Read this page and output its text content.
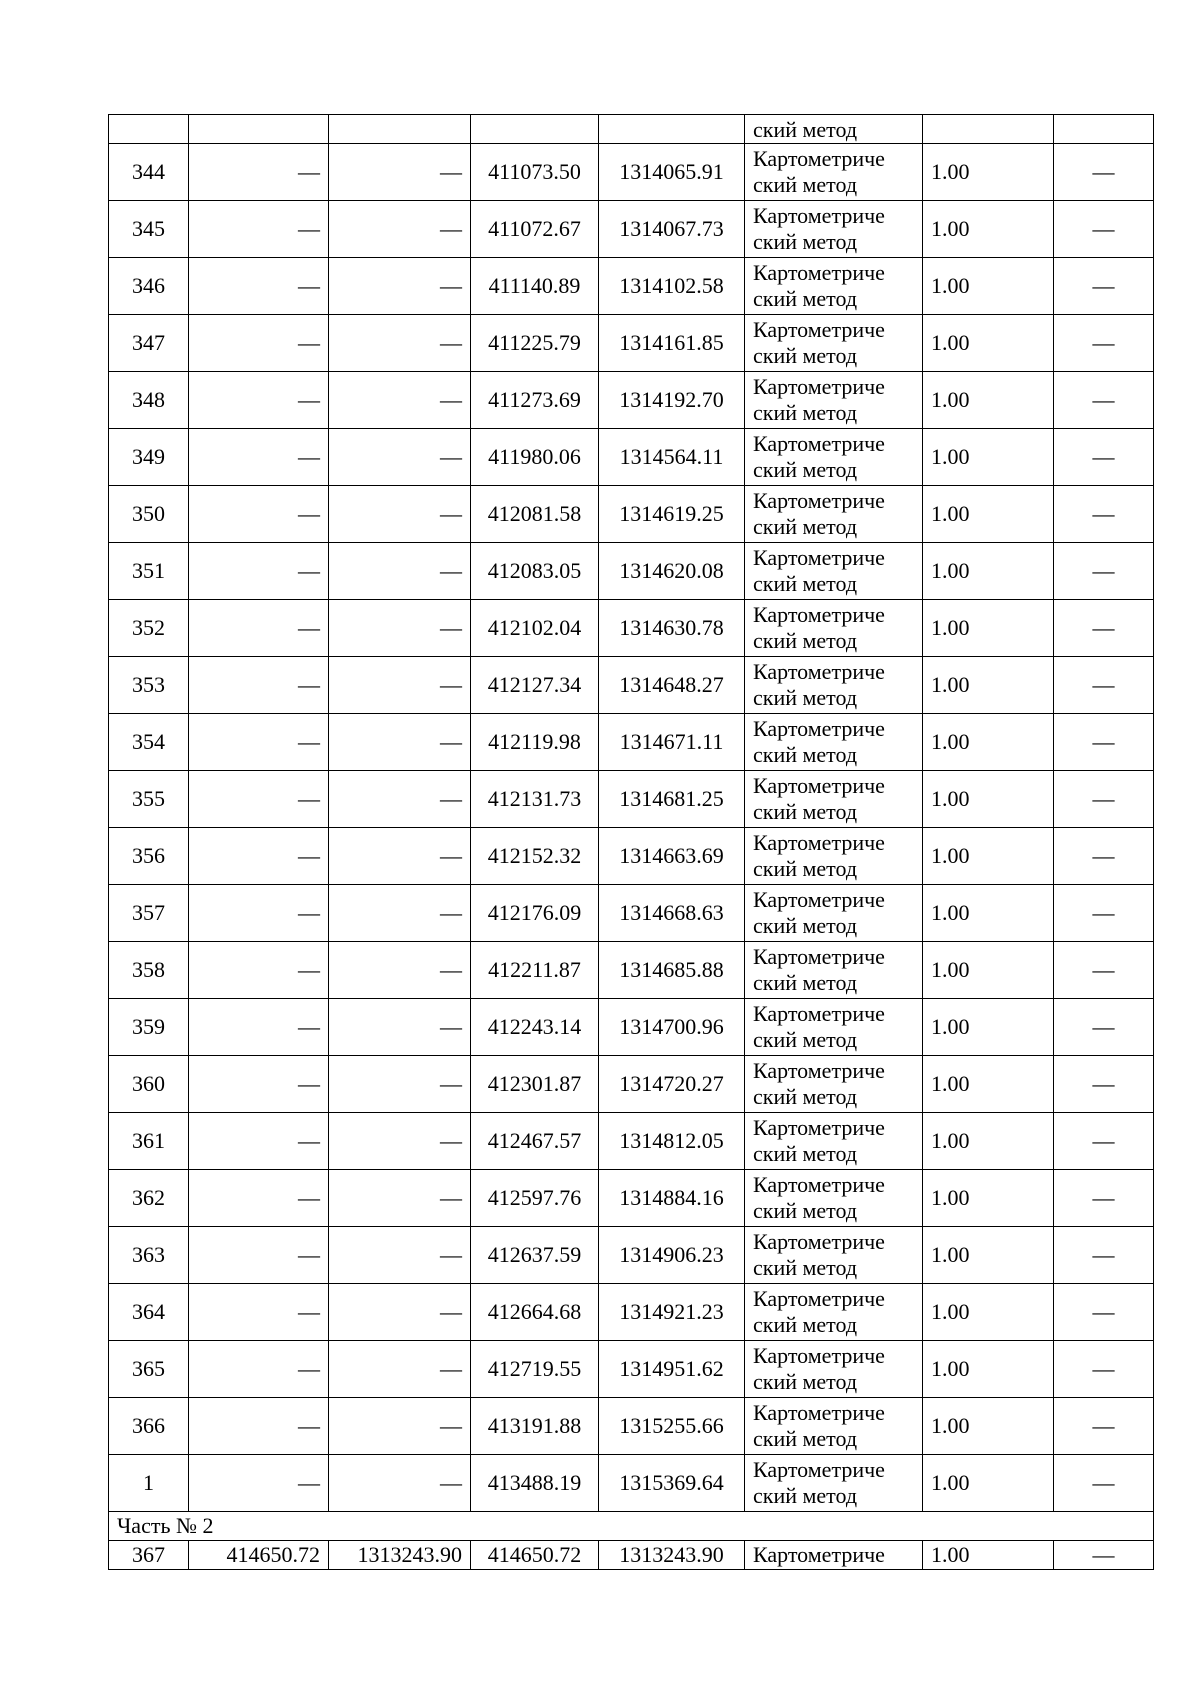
					ский метод		
344	—	—	411073.50	1314065.91	Картометриче
ский метод	1.00	—
345	—	—	411072.67	1314067.73	Картометриче
ский метод	1.00	—
346	—	—	411140.89	1314102.58	Картометриче
ский метод	1.00	—
347	—	—	411225.79	1314161.85	Картометриче
ский метод	1.00	—
348	—	—	411273.69	1314192.70	Картометриче
ский метод	1.00	—
349	—	—	411980.06	1314564.11	Картометриче
ский метод	1.00	—
350	—	—	412081.58	1314619.25	Картометриче
ский метод	1.00	—
351	—	—	412083.05	1314620.08	Картометриче
ский метод	1.00	—
352	—	—	412102.04	1314630.78	Картометриче
ский метод	1.00	—
353	—	—	412127.34	1314648.27	Картометриче
ский метод	1.00	—
354	—	—	412119.98	1314671.11	Картометриче
ский метод	1.00	—
355	—	—	412131.73	1314681.25	Картометриче
ский метод	1.00	—
356	—	—	412152.32	1314663.69	Картометриче
ский метод	1.00	—
357	—	—	412176.09	1314668.63	Картометриче
ский метод	1.00	—
358	—	—	412211.87	1314685.88	Картометриче
ский метод	1.00	—
359	—	—	412243.14	1314700.96	Картометриче
ский метод	1.00	—
360	—	—	412301.87	1314720.27	Картометриче
ский метод	1.00	—
361	—	—	412467.57	1314812.05	Картометриче
ский метод	1.00	—
362	—	—	412597.76	1314884.16	Картометриче
ский метод	1.00	—
363	—	—	412637.59	1314906.23	Картометриче
ский метод	1.00	—
364	—	—	412664.68	1314921.23	Картометриче
ский метод	1.00	—
365	—	—	412719.55	1314951.62	Картометриче
ский метод	1.00	—
366	—	—	413191.88	1315255.66	Картометриче
ский метод	1.00	—
1	—	—	413488.19	1315369.64	Картометриче
ский метод	1.00	—
Часть № 2							
367	414650.72	1313243.90	414650.72	1313243.90	Картометриче	1.00	—
